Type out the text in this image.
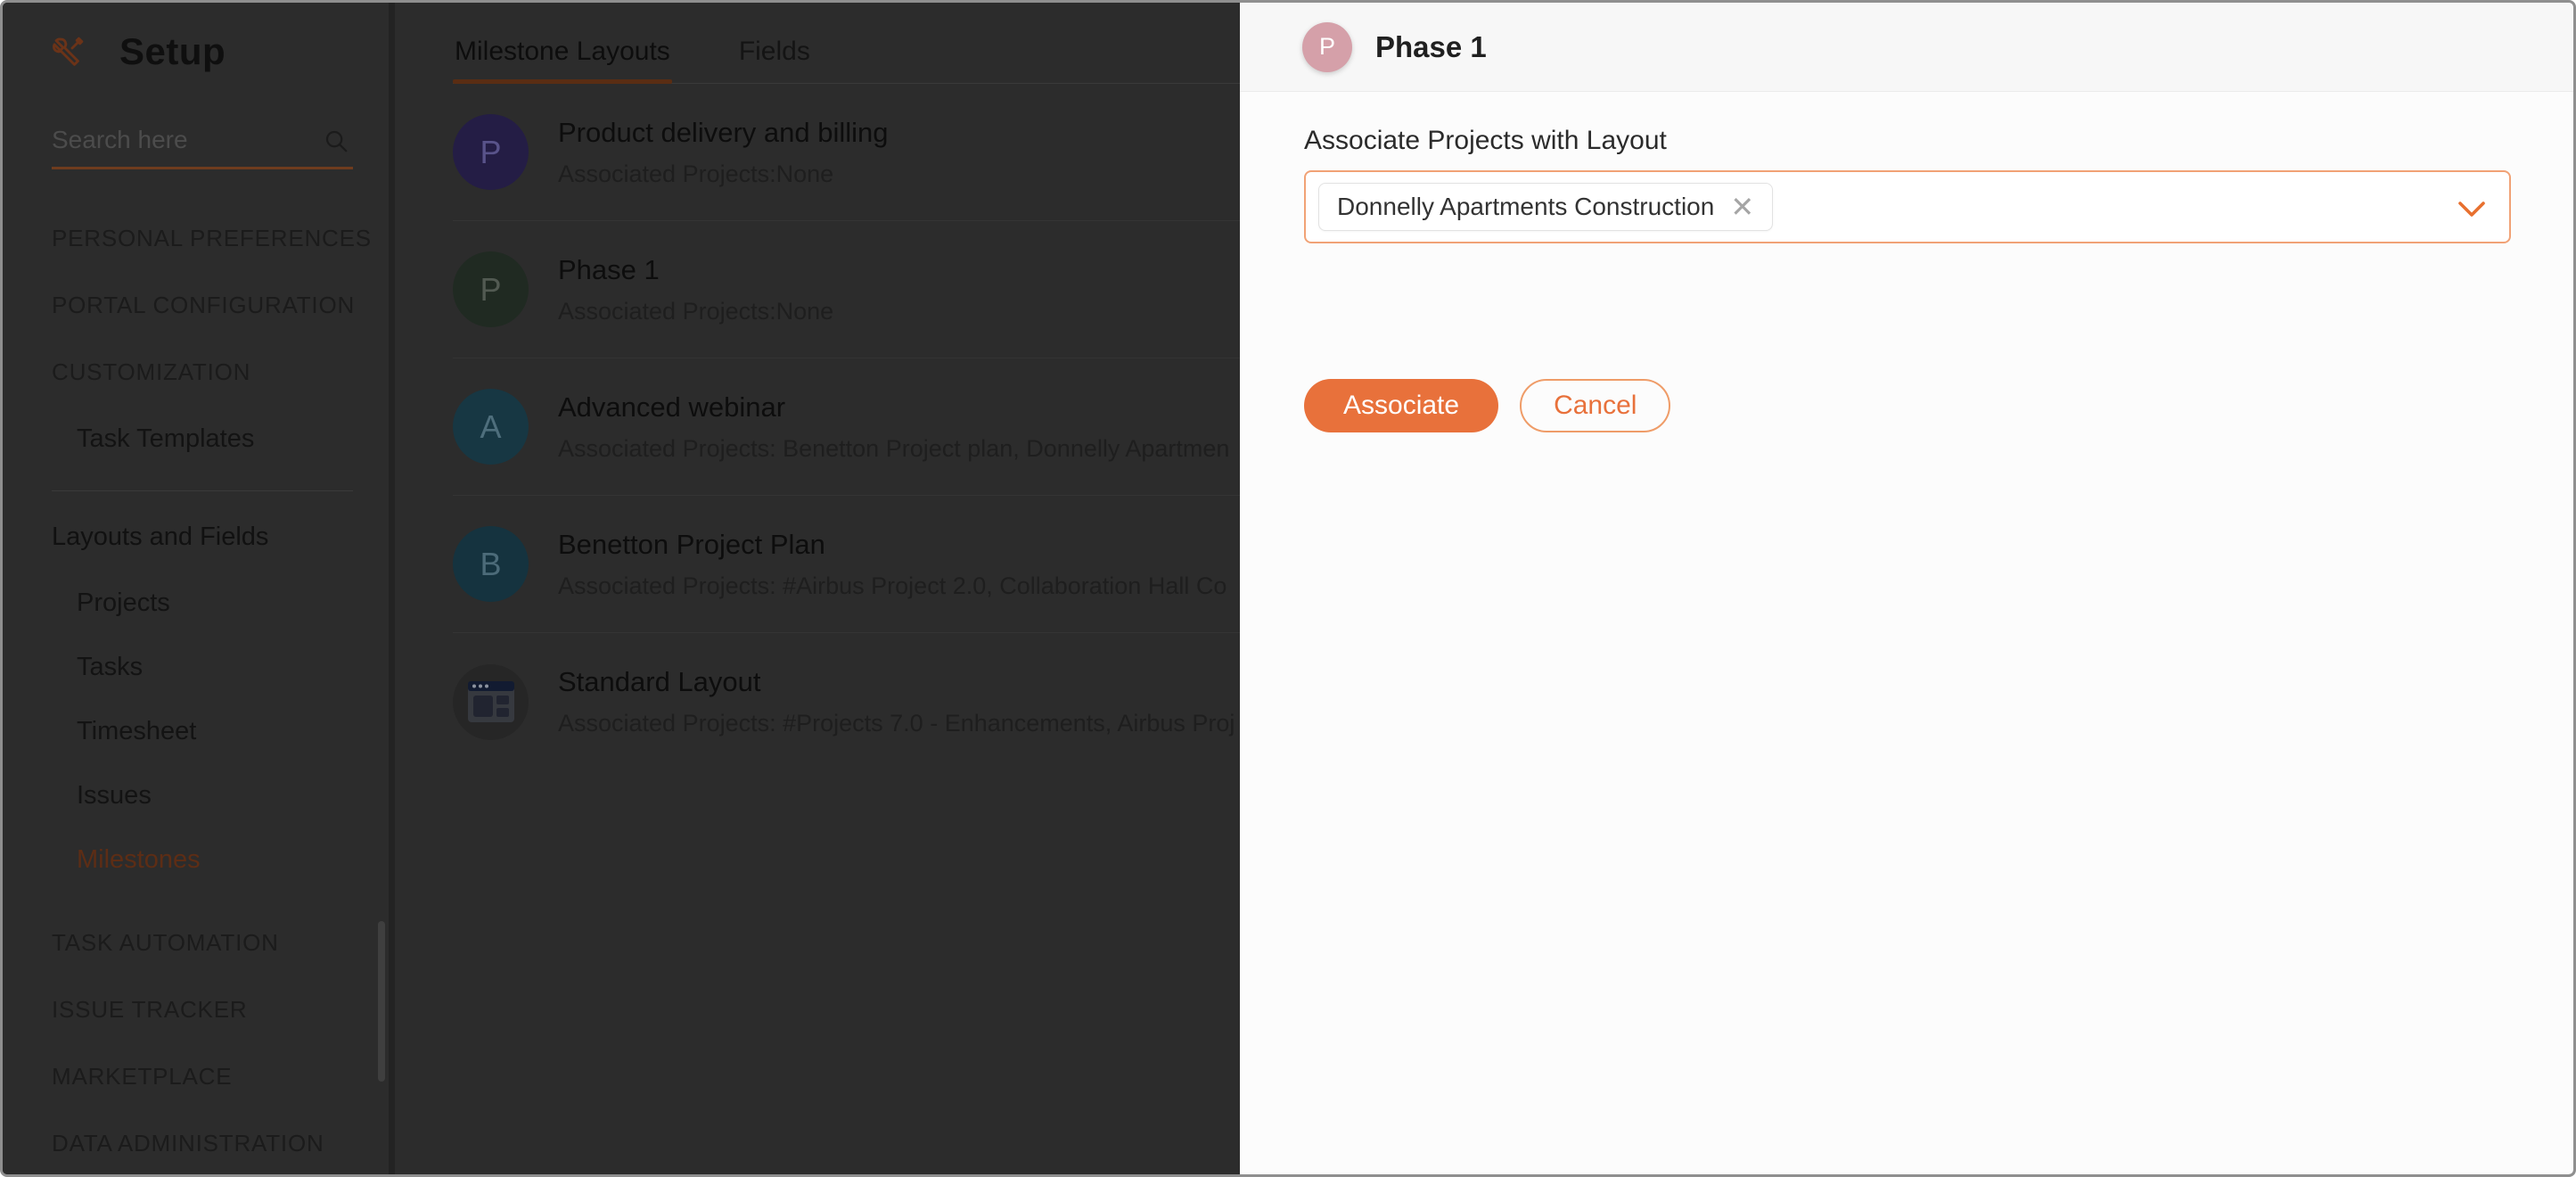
Setup
Search here
PERSONAL PREFERENCES
PORTAL CONFIGURATION
CUSTOMIZATION
Task Templates
Layouts and Fields
Projects
Tasks
Timesheet
Issues
Milestones
TASK AUTOMATION
ISSUE TRACKER
MARKETPLACE
DATA ADMINISTRATION
Milestone Layouts	Fields
P
Product delivery and billing
Associated Projects:None
P
Phase 1
Associated Projects:None
A
Advanced webinar
Associated Projects: Benetton Project plan, Donnelly Apartmen
B
Benetton Project Plan
Associated Projects: #Airbus Project 2.0, Collaboration Hall Co
Standard Layout
Associated Projects: #Projects 7.0 - Enhancements, Airbus Proj
P Phase 1
Associate Projects with Layout
Donnelly Apartments Construction ✕
Associate	Cancel
